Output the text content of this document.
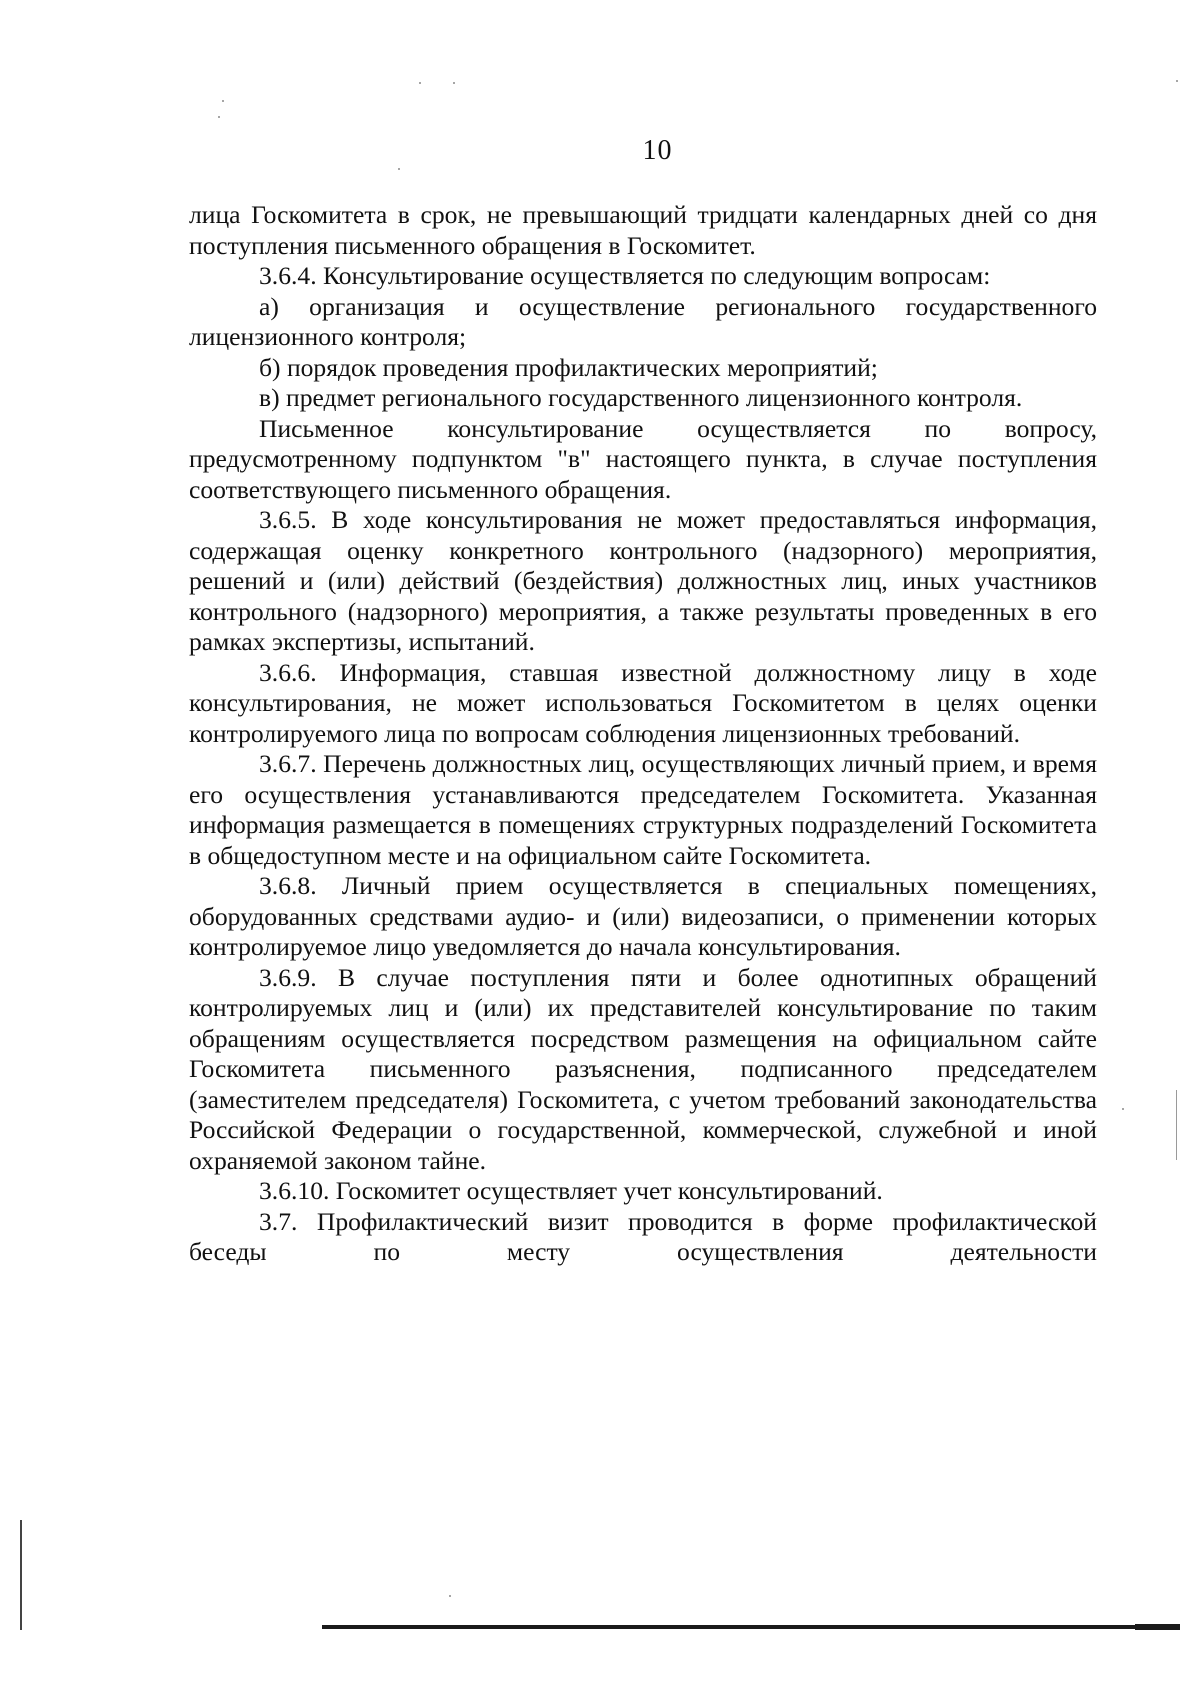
10

лица Госкомитета в срок, не превышающий тридцати календарных дней со дня поступления письменного обращения в Госкомитет.

3.6.4. Консультирование осуществляется по следующим вопросам:

а) организация и осуществление регионального государственного лицензионного контроля;

б) порядок проведения профилактических мероприятий;

в) предмет регионального государственного лицензионного контроля.

Письменное консультирование осуществляется по вопросу, предусмотренному подпунктом "в" настоящего пункта, в случае поступления соответствующего письменного обращения.

3.6.5. В ходе консультирования не может предоставляться информация, содержащая оценку конкретного контрольного (надзорного) мероприятия, решений и (или) действий (бездействия) должностных лиц, иных участников контрольного (надзорного) мероприятия, а также результаты проведенных в его рамках экспертизы, испытаний.

3.6.6. Информация, ставшая известной должностному лицу в ходе консультирования, не может использоваться Госкомитетом в целях оценки контролируемого лица по вопросам соблюдения лицензионных требований.

3.6.7. Перечень должностных лиц, осуществляющих личный прием, и время его осуществления устанавливаются председателем Госкомитета. Указанная информация размещается в помещениях структурных подразделений Госкомитета в общедоступном месте и на официальном сайте Госкомитета.

3.6.8. Личный прием осуществляется в специальных помещениях, оборудованных средствами аудио- и (или) видеозаписи, о применении которых контролируемое лицо уведомляется до начала консультирования.

3.6.9. В случае поступления пяти и более однотипных обращений контролируемых лиц и (или) их представителей консультирование по таким обращениям осуществляется посредством размещения на официальном сайте Госкомитета письменного разъяснения, подписанного председателем (заместителем председателя) Госкомитета, с учетом требований законодательства Российской Федерации о государственной, коммерческой, служебной и иной охраняемой законом тайне.

3.6.10. Госкомитет осуществляет учет консультирований.

3.7. Профилактический визит проводится в форме профилактической беседы по месту осуществления деятельности
